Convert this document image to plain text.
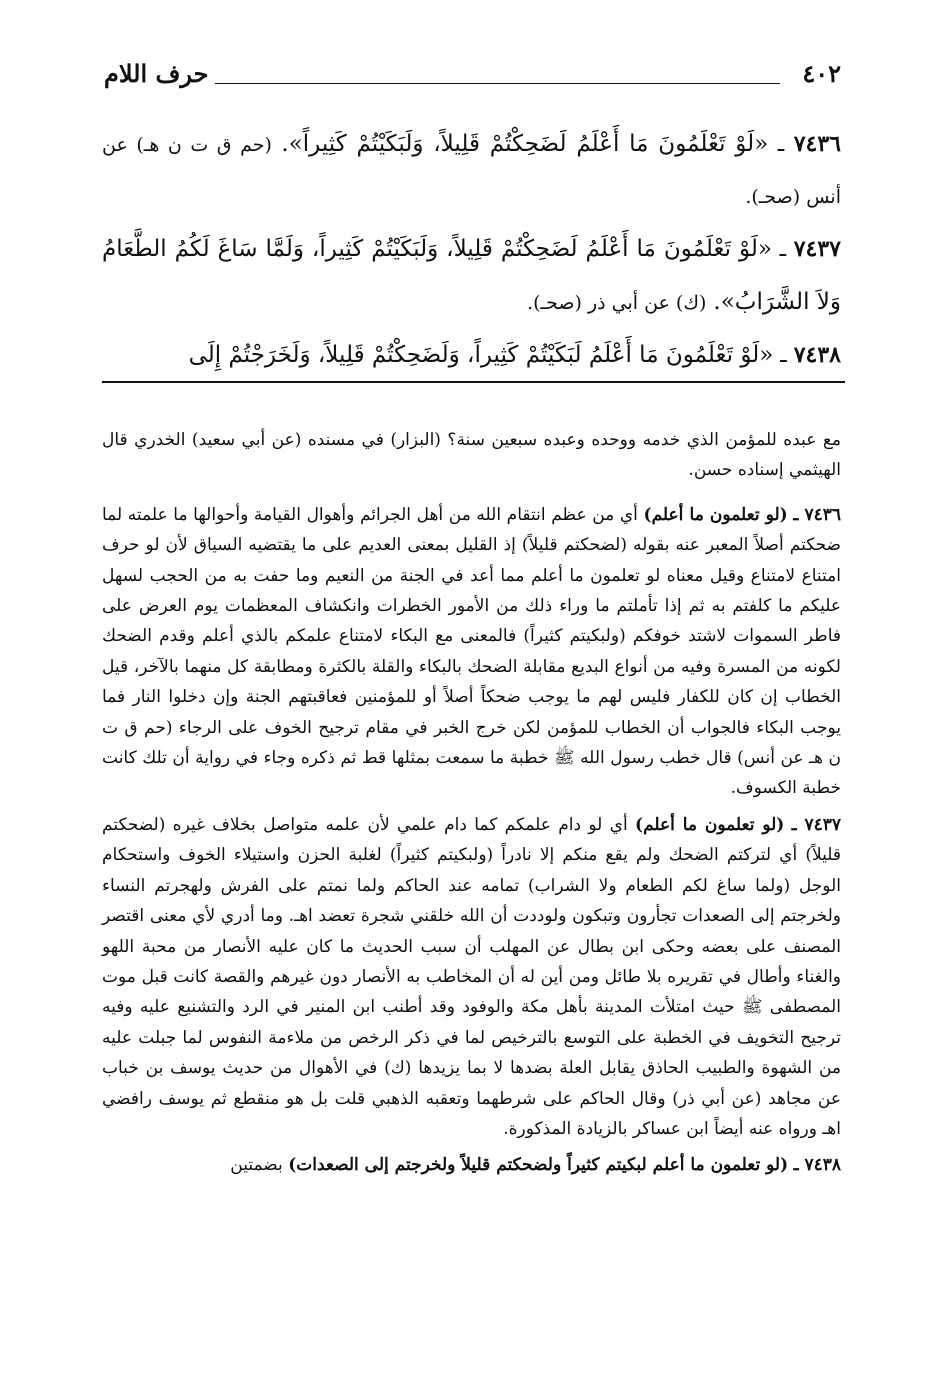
٤٠٢
حرف اللام

٧٤٣٦ ـ «لَوْ تَعْلَمُونَ مَا أَعْلَمُ لَضَحِكْتُمْ قَلِيلاً، وَلَبَكَيْتُمْ كَثِيراً». (حم ق ت ن هـ) عن أنس (صحـ).

٧٤٣٧ ـ «لَوْ تَعْلَمُونَ مَا أَعْلَمُ لَضَحِكْتُمْ قَلِيلاً، وَلَبَكَيْتُمْ كَثِيراً، وَلَمَّا سَاغَ لَكُمُ الطَّعَامُ وَلاَ الشَّرَابُ». (ك) عن أبي ذر (صحـ).

٧٤٣٨ ـ «لَوْ تَعْلَمُونَ مَا أَعْلَمُ لَبَكَيْتُمْ كَثِيراً، وَلَضَحِكْتُمْ قَلِيلاً، وَلَخَرَجْتُمْ إِلَى

مع عبده للمؤمن الذي خدمه ووحده وعبده سبعين سنة؟ (البزار) في مسنده (عن أبي سعيد) الخدري قال الهيثمي إسناده حسن.

٧٤٣٦ ـ (لو تعلمون ما أعلم) أي من عظم انتقام الله من أهل الجرائم وأهوال القيامة وأحوالها ما علمته لما ضحكتم أصلاً المعبر عنه بقوله (لضحكتم قليلاً) إذ القليل بمعنى العديم على ما يقتضيه السياق لأن لو حرف امتناع لامتناع وقيل معناه لو تعلمون ما أعلم مما أعد في الجنة من النعيم وما حفت به من الحجب لسهل عليكم ما كلفتم به ثم إذا تأملتم ما وراء ذلك من الأمور الخطرات وانكشاف المعظمات يوم العرض على فاطر السموات لاشتد خوفكم (ولبكيتم كثيراً) فالمعنى مع البكاء لامتناع علمكم بالذي أعلم وقدم الضحك لكونه من المسرة وفيه من أنواع البديع مقابلة الضحك بالبكاء والقلة بالكثرة ومطابقة كل منهما بالآخر، قيل الخطاب إن كان للكفار فليس لهم ما يوجب ضحكاً أصلاً أو للمؤمنين فعاقبتهم الجنة وإن دخلوا النار فما يوجب البكاء فالجواب أن الخطاب للمؤمن لكن خرج الخبر في مقام ترجيح الخوف على الرجاء (حم ق ت ن هـ عن أنس) قال خطب رسول الله ﷺ خطبة ما سمعت بمثلها قط ثم ذكره وجاء في رواية أن تلك كانت خطبة الكسوف.

٧٤٣٧ ـ (لو تعلمون ما أعلم) أي لو دام علمكم كما دام علمي لأن علمه متواصل بخلاف غيره (لضحكتم قليلاً) أي لتركتم الضحك ولم يقع منكم إلا نادراً (ولبكيتم كثيراً) لغلبة الحزن واستيلاء الخوف واستحكام الوجل (ولما ساغ لكم الطعام ولا الشراب) تمامه عند الحاكم ولما نمتم على الفرش ولهجرتم النساء ولخرجتم إلى الصعدات تجأرون وتبكون ولوددت أن الله خلقني شجرة تعضد اهـ. وما أدري لأي معنى اقتصر المصنف على بعضه وحكى ابن بطال عن المهلب أن سبب الحديث ما كان عليه الأنصار من محبة اللهو والغناء وأطال في تقريره بلا طائل ومن أين له أن المخاطب به الأنصار دون غيرهم والقصة كانت قبل موت المصطفى ﷺ حيث امتلأت المدينة بأهل مكة والوفود وقد أطنب ابن المنير في الرد والتشنيع عليه وفيه ترجيح التخويف في الخطبة على التوسع بالترخيص لما في ذكر الرخص من ملاءمة النفوس لما جبلت عليه من الشهوة والطبيب الحاذق يقابل العلة بضدها لا بما يزيدها (ك) في الأهوال من حديث يوسف بن خباب عن مجاهد (عن أبي ذر) وقال الحاكم على شرطهما وتعقبه الذهبي قلت بل هو منقطع ثم يوسف رافضي اهـ ورواه عنه أيضاً ابن عساكر بالزيادة المذكورة.

٧٤٣٨ ـ (لو تعلمون ما أعلم لبكيتم كثيراً ولضحكتم قليلاً ولخرجتم إلى الصعدات) بضمتين
